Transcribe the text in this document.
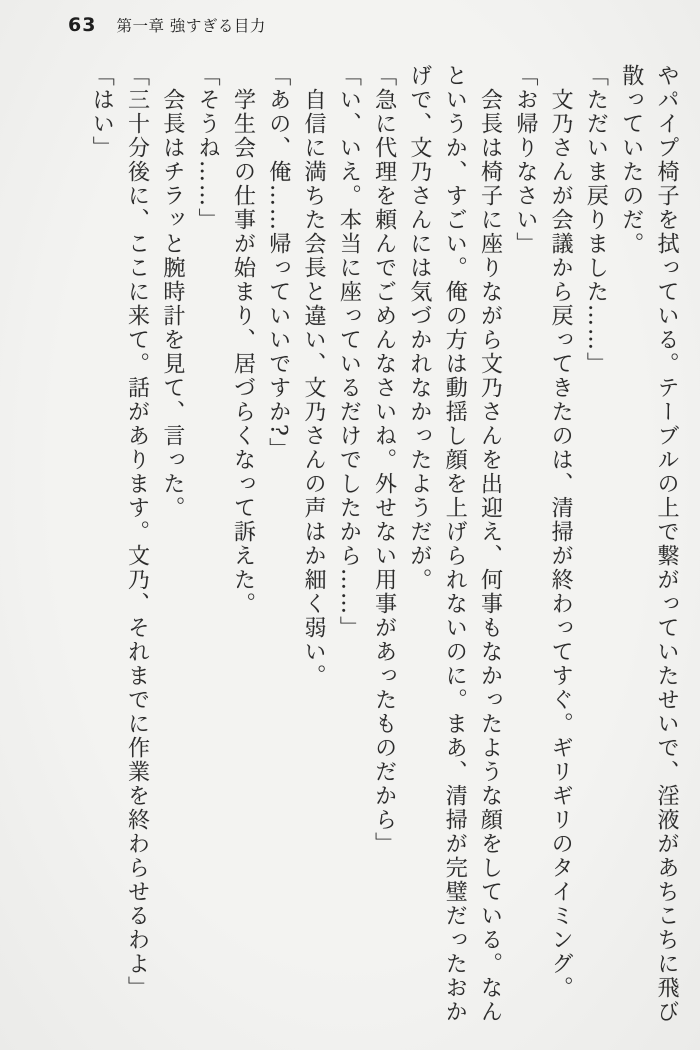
63 第一章 強すぎる目力
やパイプ椅子を拭っている。テーブルの上で繋がっていたせいで、淫液があちこちに飛び
散っていたのだ。
「ただいま戻りました……」
文乃さんが会議から戻ってきたのは、清掃が終わってすぐ。ギリギリのタイミング。
「お帰りなさい」
会長は椅子に座りながら文乃さんを出迎え、何事もなかったような顔をしている。なん
というか、すごい。俺の方は動揺し顔を上げられないのに。まあ、清掃が完璧だったおか
げで、文乃さんには気づかれなかったようだが。
「急に代理を頼んでごめんなさいね。外せない用事があったものだから」
「い、いえ。本当に座っているだけでしたから……」
自信に満ちた会長と違い、文乃さんの声はか細く弱い。
「あの、俺……帰っていいですか?」
学生会の仕事が始まり、居づらくなって訴えた。
「そうね……」
会長はチラッと腕時計を見て、言った。
「三十分後に、ここに来て。話があります。文乃、それまでに作業を終わらせるわよ」
「はい」
